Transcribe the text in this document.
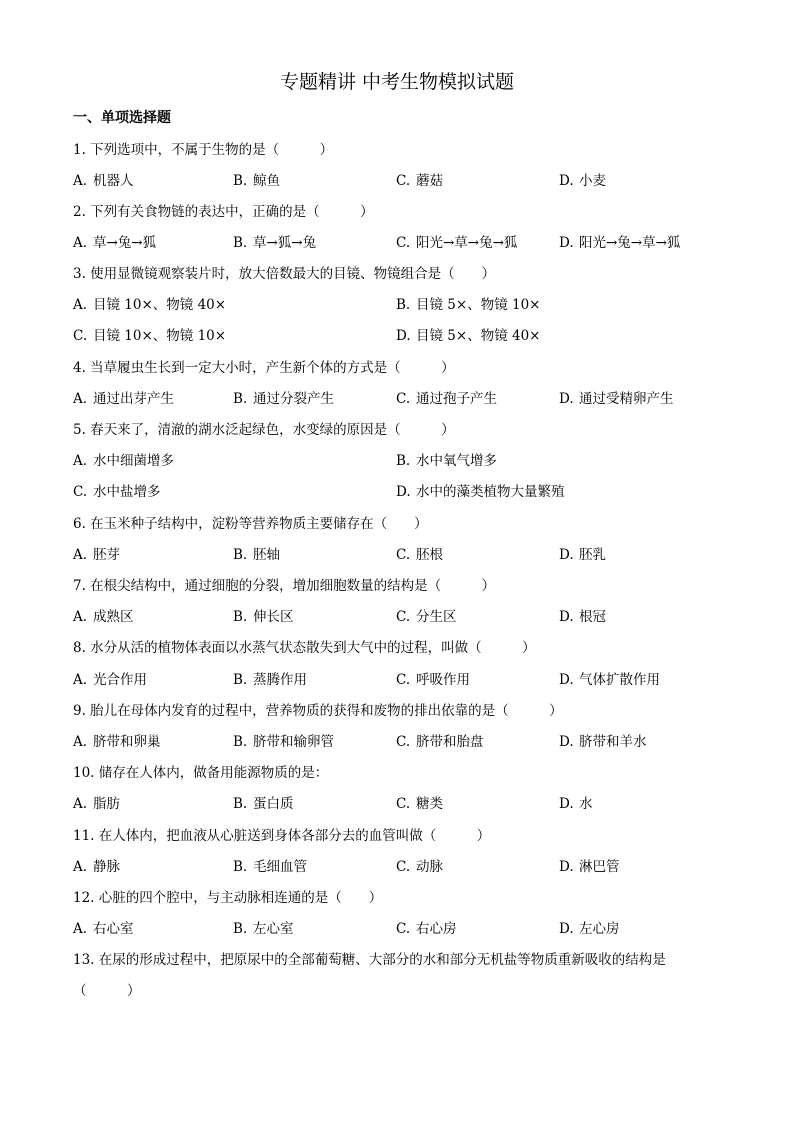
专题精讲 中考生物模拟试题
一、单项选择题
1. 下列选项中，不属于生物的是（　　　）
A. 机器人	B. 鲸鱼	C. 蘑菇	D. 小麦
2. 下列有关食物链的表达中，正确的是（　　　）
A. 草→兔→狐	B. 草→狐→兔	C. 阳光→草→兔→狐	D. 阳光→兔→草→狐
3. 使用显微镜观察装片时，放大倍数最大的目镜、物镜组合是（　　）
A. 目镜 10×、物镜 40×	B. 目镜 5×、物镜 10×
C. 目镜 10×、物镜 10×	D. 目镜 5×、物镜 40×
4. 当草履虫生长到一定大小时，产生新个体的方式是（　　　）
A. 通过出芽产生	B. 通过分裂产生	C. 通过孢子产生	D. 通过受精卵产生
5. 春天来了，清澈的湖水泛起绿色，水变绿的原因是（　　　）
A. 水中细菌增多	B. 水中氧气增多
C. 水中盐增多	D. 水中的藻类植物大量繁殖
6. 在玉米种子结构中，淀粉等营养物质主要储存在（　　）
A. 胚芽	B. 胚轴	C. 胚根	D. 胚乳
7. 在根尖结构中，通过细胞的分裂，增加细胞数量的结构是（　　　）
A. 成熟区	B. 伸长区	C. 分生区	D. 根冠
8. 水分从活的植物体表面以水蒸气状态散失到大气中的过程，叫做（　　　）
A. 光合作用	B. 蒸腾作用	C. 呼吸作用	D. 气体扩散作用
9. 胎儿在母体内发育的过程中，营养物质的获得和废物的排出依靠的是（　　　）
A. 脐带和卵巢	B. 脐带和输卵管	C. 脐带和胎盘	D. 脐带和羊水
10. 储存在人体内，做备用能源物质的是：
A. 脂肪	B. 蛋白质	C. 糖类	D. 水
11. 在人体内，把血液从心脏送到身体各部分去的血管叫做（　　　）
A. 静脉	B. 毛细血管	C. 动脉	D. 淋巴管
12. 心脏的四个腔中，与主动脉相连通的是（　　）
A. 右心室	B. 左心室	C. 右心房	D. 左心房
13. 在尿的形成过程中，把原尿中的全部葡萄糖、大部分的水和部分无机盐等物质重新吸收的结构是（　　　）
